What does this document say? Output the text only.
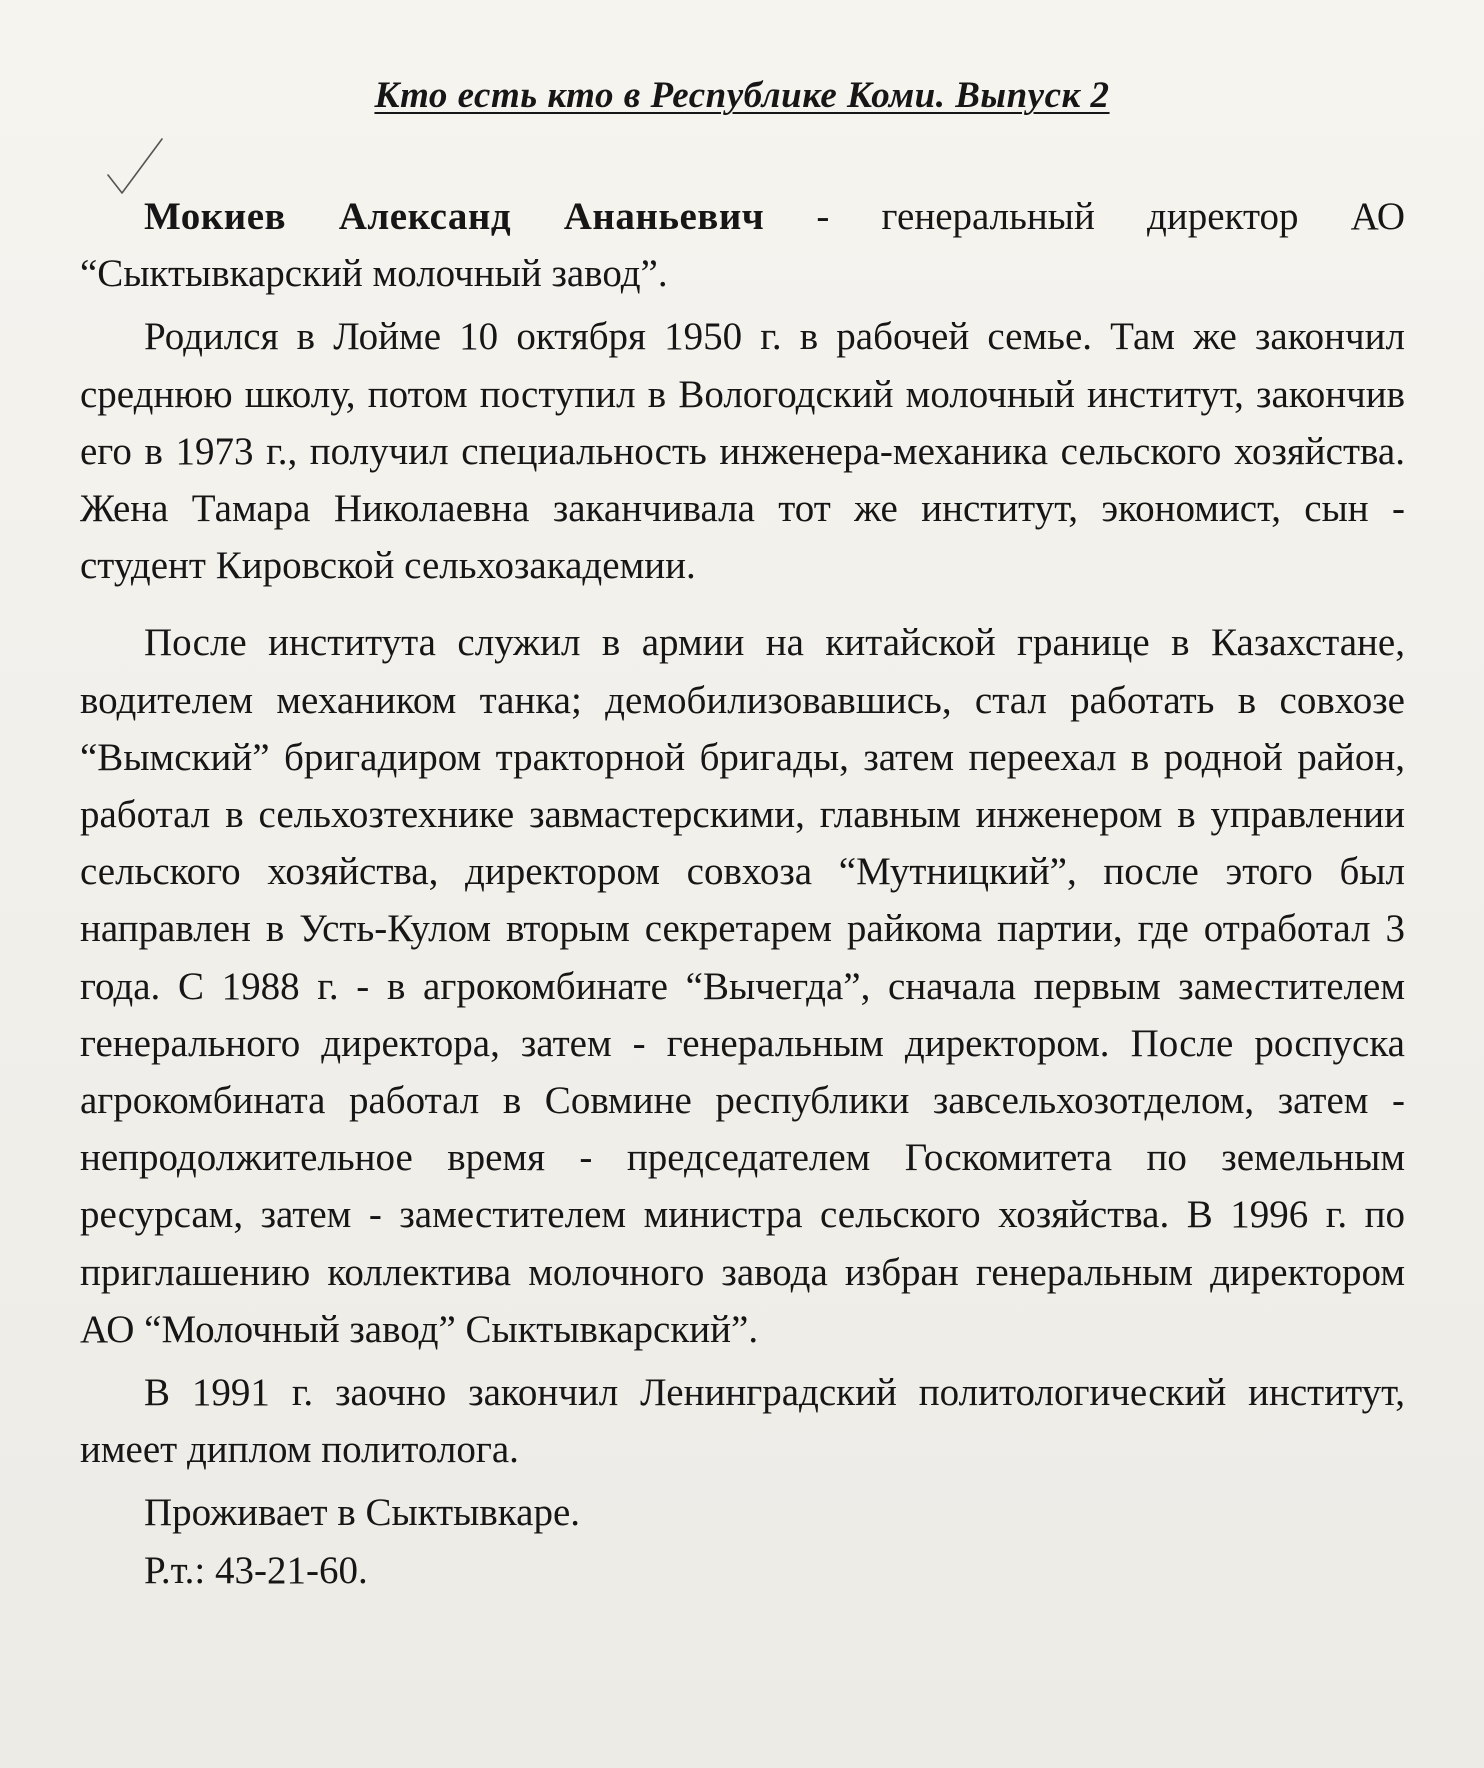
Кто есть кто в Республике Коми. Выпуск 2

Мокиев Александ Ананьевич - генеральный директор АО “Сыктывкарский молочный завод”.

Родился в Лойме 10 октября 1950 г. в рабочей семье. Там же закончил среднюю школу, потом поступил в Вологодский молочный институт, закончив его в 1973 г., получил специальность инженера-механика сельского хозяйства. Жена Тамара Николаевна заканчивала тот же институт, экономист, сын - студент Кировской сельхозакадемии.

После института служил в армии на китайской границе в Казахстане, водителем механиком танка; демобилизовавшись, стал работать в совхозе “Вымский” бригадиром тракторной бригады, затем переехал в родной район, работал в сельхозтехнике завмастерскими, главным инженером в управлении сельского хозяйства, директором совхоза “Мутницкий”, после этого был направлен в Усть-Кулом вторым секретарем райкома партии, где отработал 3 года. С 1988 г. - в агрокомбинате “Вычегда”, сначала первым заместителем генерального директора, затем - генеральным директором. После роспуска агрокомбината работал в Совмине республики завсельхозотделом, затем - непродолжительное время - председателем Госкомитета по земельным ресурсам, затем - заместителем министра сельского хозяйства. В 1996 г. по приглашению коллектива молочного завода избран генеральным директором АО “Молочный завод” Сыктывкарский”.

В 1991 г. заочно закончил Ленинградский политологический институт, имеет диплом политолога.

Проживает в Сыктывкаре.

Р.т.: 43-21-60.
